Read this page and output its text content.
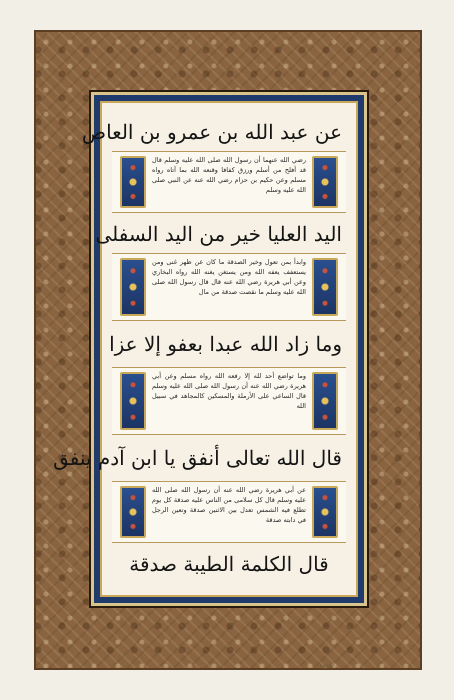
عن عبد الله بن عمرو بن العاص
رضي الله عنهما أن رسول الله صلى الله عليه وسلم قال قد أفلح من أسلم ورزق كفافا وقنعه الله بما آتاه رواه مسلم وعن حكيم بن حزام رضي الله عنه عن النبي صلى الله عليه وسلم
اليد العليا خير من اليد السفلى
وابدأ بمن تعول وخير الصدقة ما كان عن ظهر غنى ومن يستعفف يعفه الله ومن يستغن يغنه الله رواه البخاري وعن أبي هريرة رضي الله عنه قال قال رسول الله صلى الله عليه وسلم ما نقصت صدقة من مال
وما زاد الله عبدا بعفو إلا عزا
وما تواضع أحد لله إلا رفعه الله رواه مسلم وعن أبي هريرة رضي الله عنه أن رسول الله صلى الله عليه وسلم قال الساعي على الأرملة والمسكين كالمجاهد في سبيل الله
قال الله تعالى أنفق يا ابن آدم ينفق
عن أبي هريرة رضي الله عنه أن رسول الله صلى الله عليه وسلم قال كل سلامى من الناس عليه صدقة كل يوم تطلع فيه الشمس تعدل بين الاثنين صدقة وتعين الرجل في دابته صدقة
قال الكلمة الطيبة صدقة
١٤٢٧
